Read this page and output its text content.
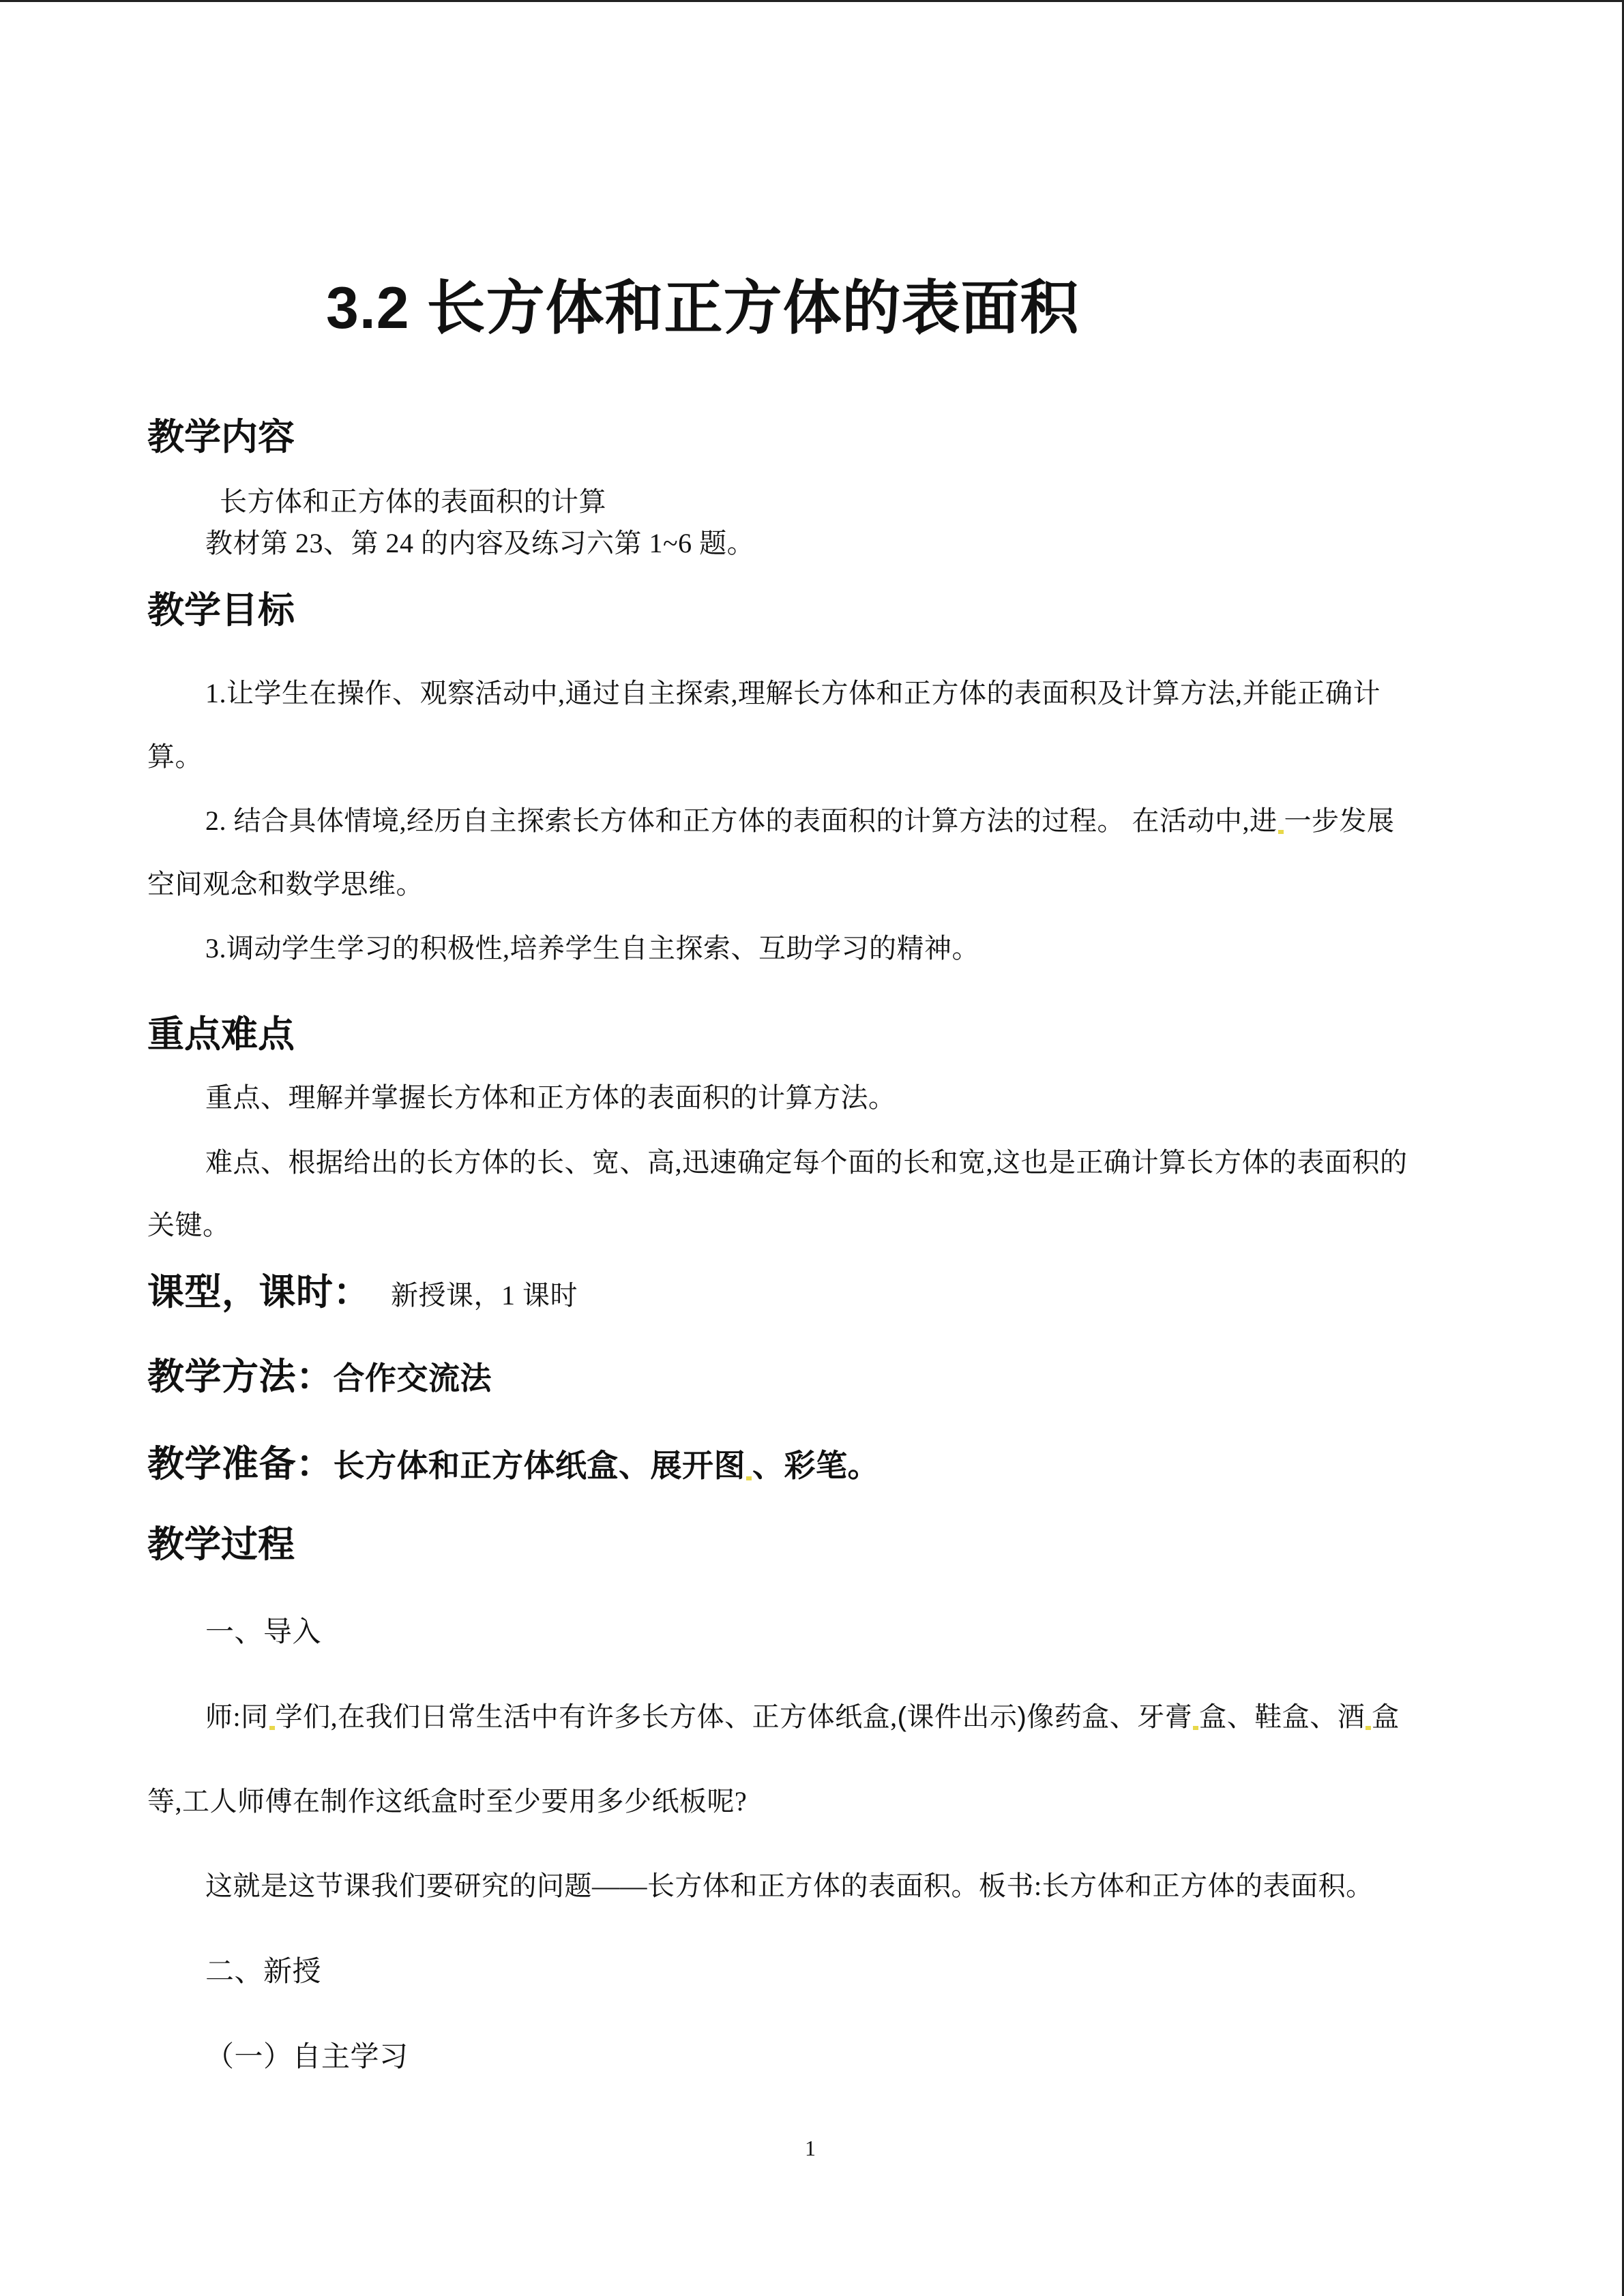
3.2 长方体和正方体的表面积
教学内容
长方体和正方体的表面积的计算
教材第 23、第 24 的内容及练习六第 1~6 题。
教学目标
1.让学生在操作、观察活动中,通过自主探索,理解长方体和正方体的表面积及计算方法,并能正确计
算。
2. 结合具体情境,经历自主探索长方体和正方体的表面积的计算方法的过程。 在活动中,进 一步发展
空间观念和数学思维。
3.调动学生学习的积极性,培养学生自主探索、互助学习的精神。
重点难点
重点、理解并掌握长方体和正方体的表面积的计算方法。
难点、根据给出的长方体的长、宽、高,迅速确定每个面的长和宽,这也是正确计算长方体的表面积的
关键。
课型，课时： 新授课，1 课时
教学方法：合作交流法
教学准备：长方体和正方体纸盒、展开图 、彩笔。
教学过程
一、导入
师:同 学们,在我们日常生活中有许多长方体、正方体纸盒,(课件出示)像药盒、牙膏 盒、鞋盒、酒 盒
等,工人师傅在制作这纸盒时至少要用多少纸板呢?
这就是这节课我们要研究的问题——长方体和正方体的表面积。板书:长方体和正方体的表面积。
二、新授
（一）自主学习
1
